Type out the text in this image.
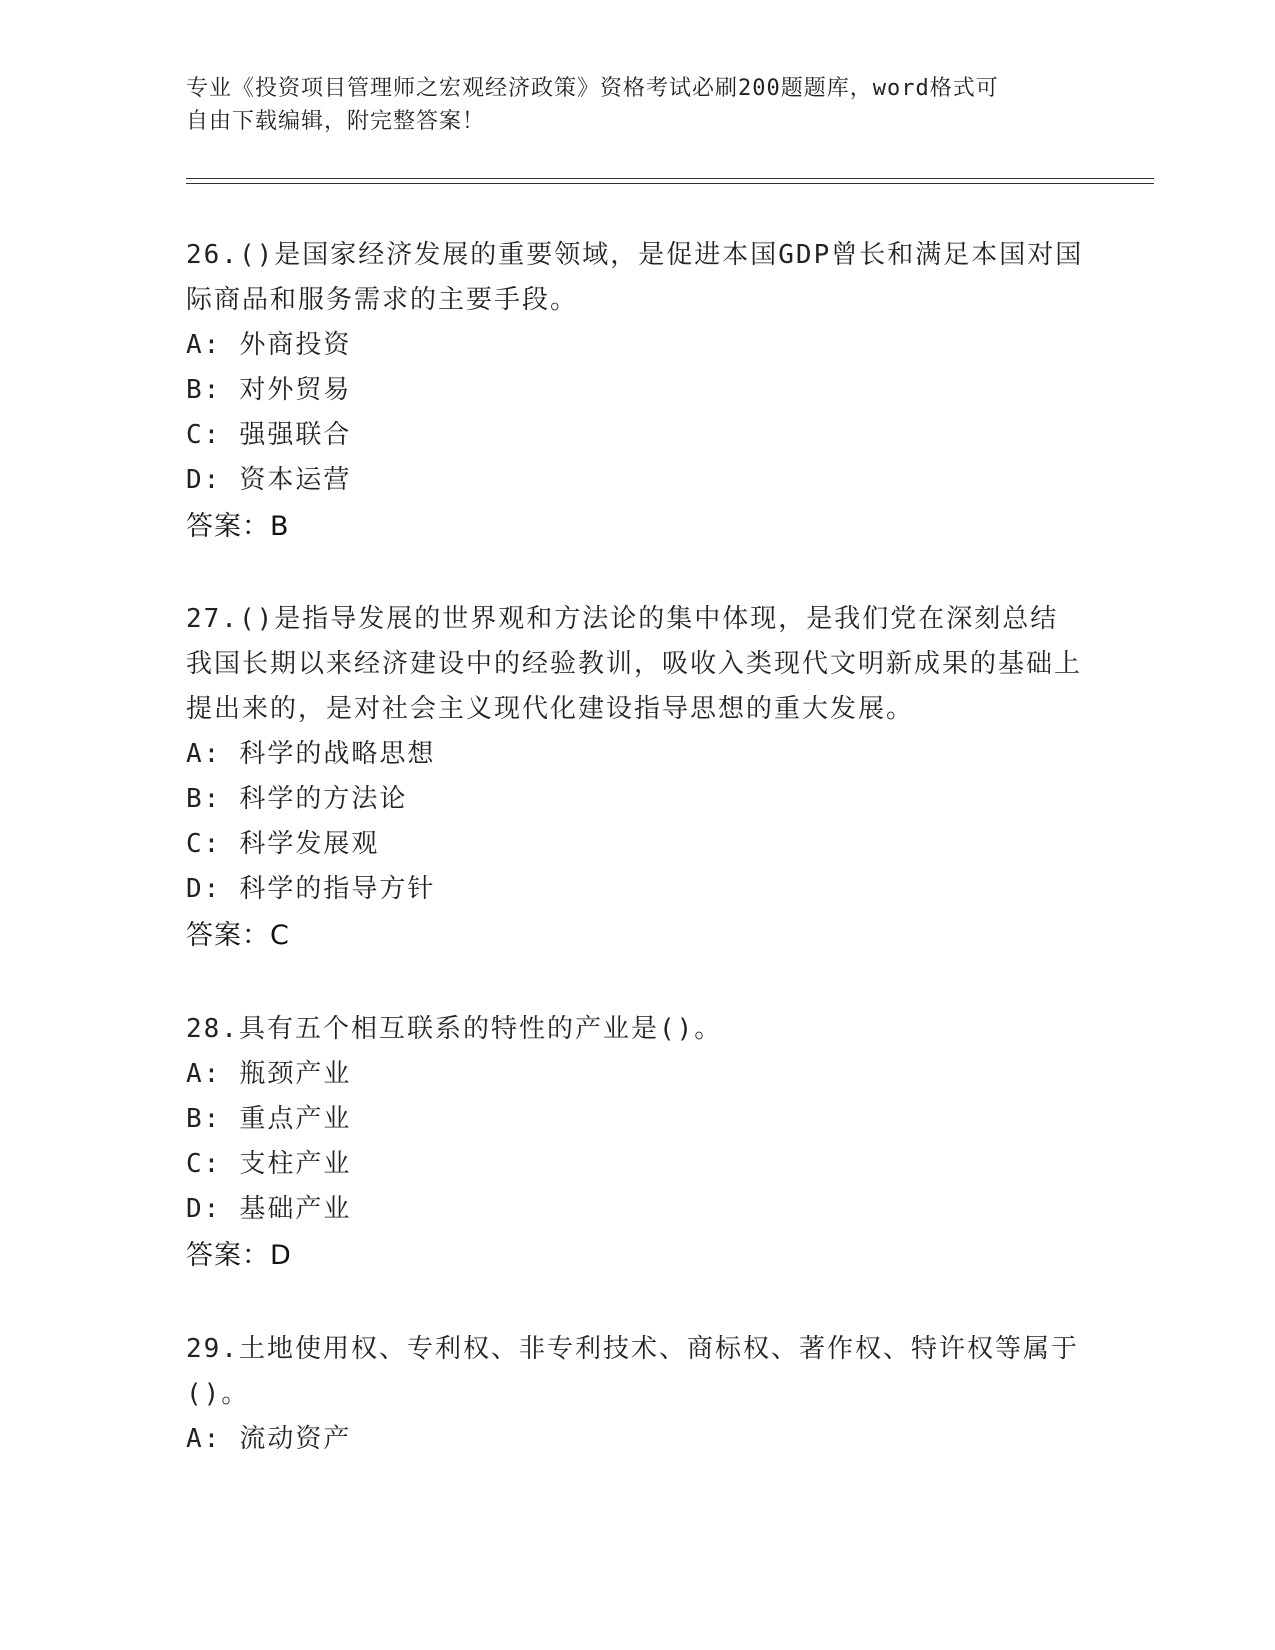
专业《投资项目管理师之宏观经济政策》资格考试必刷200题题库，word格式可
自由下载编辑，附完整答案！
26.()是国家经济发展的重要领域，是促进本国GDP曾长和满足本国对国际商品和服务需求的主要手段。
A: 外商投资
B: 对外贸易
C: 强强联合
D: 资本运营
答案：B
27.()是指导发展的世界观和方法论的集中体现，是我们党在深刻总结我国长期以来经济建设中的经验教训，吸收入类现代文明新成果的基础上提出来的，是对社会主义现代化建设指导思想的重大发展。
A: 科学的战略思想
B: 科学的方法论
C: 科学发展观
D: 科学的指导方针
答案：C
28.具有五个相互联系的特性的产业是()。
A: 瓶颈产业
B: 重点产业
C: 支柱产业
D: 基础产业
答案：D
29.土地使用权、专利权、非专利技术、商标权、著作权、特许权等属于()。
A: 流动资产
